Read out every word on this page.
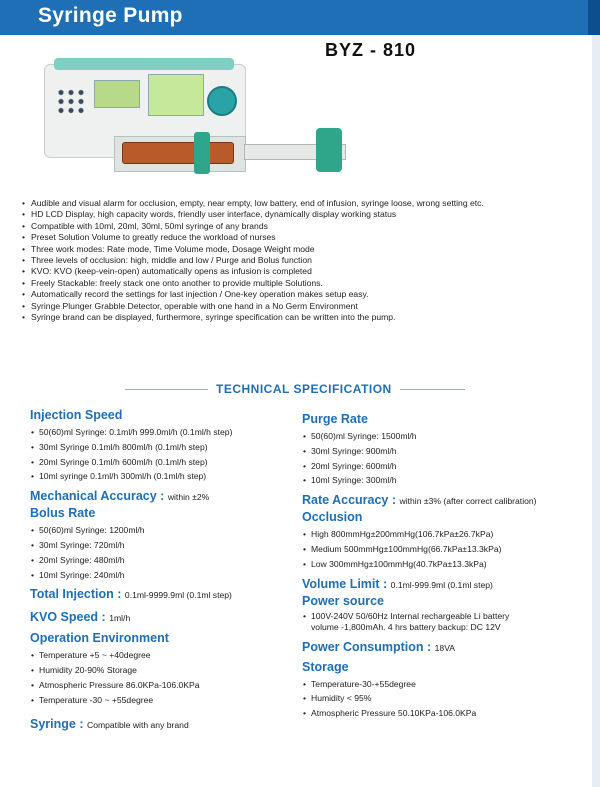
Syringe Pump
BYZ - 810
• Audible and visual alarm for occlusion, empty, near empty, low battery, end of infusion, syringe loose, wrong setting etc.
• HD LCD Display, high capacity words, friendly user interface, dynamically display working status
• Compatible with 10ml, 20ml, 30ml, 50ml syringe of any brands
• Preset Solution Volume to greatly reduce the workload of nurses
• Three work modes: Rate mode, Time Volume mode, Dosage Weight mode
• Three levels of occlusion: high, middle and low / Purge and Bolus function
• KVO: KVO (keep-vein-open) automatically opens as infusion is completed
• Freely Stackable: freely stack one onto another to provide multiple Solutions.
• Automatically record the settings for last injection / One-key operation makes setup easy.
• Syringe Plunger Grabble Detector, operable with one hand in a No Germ Environment
• Syringe brand can be displayed, furthermore, syringe specification can be written into the pump.
TECHNICAL SPECIFICATION
Injection Speed
• 50(60)ml Syringe: 0.1ml/h 999.0ml/h (0.1ml/h step)
• 30ml Syringe 0.1ml/h 800ml/h (0.1ml/h step)
• 20ml Syringe 0.1ml/h 600ml/h (0.1ml/h step)
• 10ml syringe 0.1ml/h 300ml/h (0.1ml/h step)
Mechanical Accuracy : within ±2%
Bolus Rate
• 50(60)ml Syringe: 1200ml/h
• 30ml Syringe: 720ml/h
• 20ml Syringe: 480ml/h
• 10ml Syringe: 240ml/h
Total Injection : 0.1ml-9999.9ml (0.1ml step)
KVO Speed : 1ml/h
Operation Environment
• Temperature +5 ~ +40degree
• Humidity 20-90% Storage
• Atmospheric Pressure 86.0KPa-106.0KPa
• Temperature -30 ~ +55degree
Syringe : Compatible with any brand
Purge Rate
• 50(60)ml Syringe: 1500ml/h
• 30ml Syringe: 900ml/h
• 20ml Syringe: 600ml/h
• 10ml Syringe: 300ml/h
Rate Accuracy : within ±3% (after correct calibration)
Occlusion
• High 800mmHg±200mmHg(106.7kPa±26.7kPa)
• Medium 500mmHg±100mmHg(66.7kPa±13.3kPa)
• Low 300mmHg±100mmHg(40.7kPa±13.3kPa)
Volume Limit : 0.1ml-999.9ml (0.1ml step)
Power source
• 100V-240V 50/60Hz Internal rechargeable Li battery
volume -1,800mAh. 4 hrs battery backup: DC 12V
Power Consumption : 18VA
Storage
• Temperature-30-+55degree
• Humidity < 95%
• Atmospheric Pressure 50.10KPa-106.0KPa
